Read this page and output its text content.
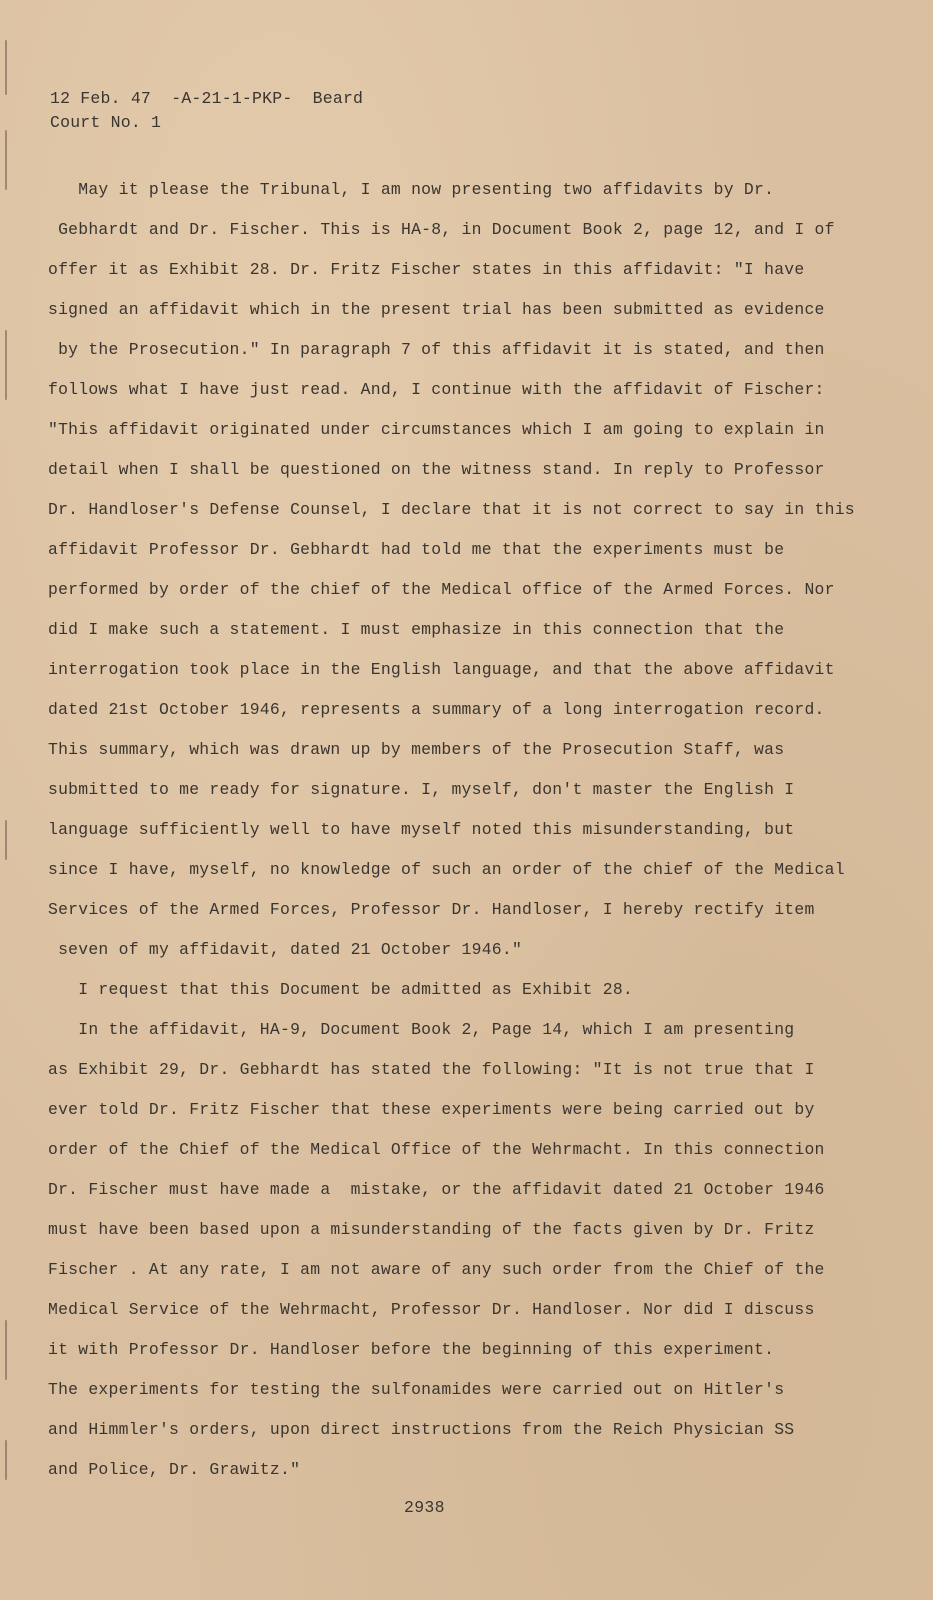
12 Feb. 47  -A-21-1-PKP-  Beard
Court No. 1
May it please the Tribunal, I am now presenting two affidavits by Dr.
Gebhardt and Dr. Fischer. This is HA-8, in Document Book 2, page 12, and I of
offer it as Exhibit 28. Dr. Fritz Fischer states in this affidavit: "I have
signed an affidavit which in the present trial has been submitted as evidence
by the Prosecution." In paragraph 7 of this affidavit it is stated, and then
follows what I have just read. And, I continue with the affidavit of Fischer:
"This affidavit originated under circumstances which I am going to explain in
detail when I shall be questioned on the witness stand. In reply to Professor
Dr. Handloser's Defense Counsel, I declare that it is not correct to say in this
affidavit Professor Dr. Gebhardt had told me that the experiments must be
performed by order of the chief of the Medical office of the Armed Forces. Nor
did I make such a statement. I must emphasize in this connection that the
interrogation took place in the English language, and that the above affidavit
dated 21st October 1946, represents a summary of a long interrogation record.
This summary, which was drawn up by members of the Prosecution Staff, was
submitted to me ready for signature. I, myself, don't master the English I
language sufficiently well to have myself noted this misunderstanding, but
since I have, myself, no knowledge of such an order of the chief of the Medical
Services of the Armed Forces, Professor Dr. Handloser, I hereby rectify item
seven of my affidavit, dated 21 October 1946."
I request that this Document be admitted as Exhibit 28.
In the affidavit, HA-9, Document Book 2, Page 14, which I am presenting
as Exhibit 29, Dr. Gebhardt has stated the following: "It is not true that I
ever told Dr. Fritz Fischer that these experiments were being carried out by
order of the Chief of the Medical Office of the Wehrmacht. In this connection
Dr. Fischer must have made a  mistake, or the affidavit dated 21 October 1946
must have been based upon a misunderstanding of the facts given by Dr. Fritz
Fischer . At any rate, I am not aware of any such order from the Chief of the
Medical Service of the Wehrmacht, Professor Dr. Handloser. Nor did I discuss
it with Professor Dr. Handloser before the beginning of this experiment.
The experiments for testing the sulfonamides were carried out on Hitler's
and Himmler's orders, upon direct instructions from the Reich Physician SS
and Police, Dr. Grawitz."
2938
